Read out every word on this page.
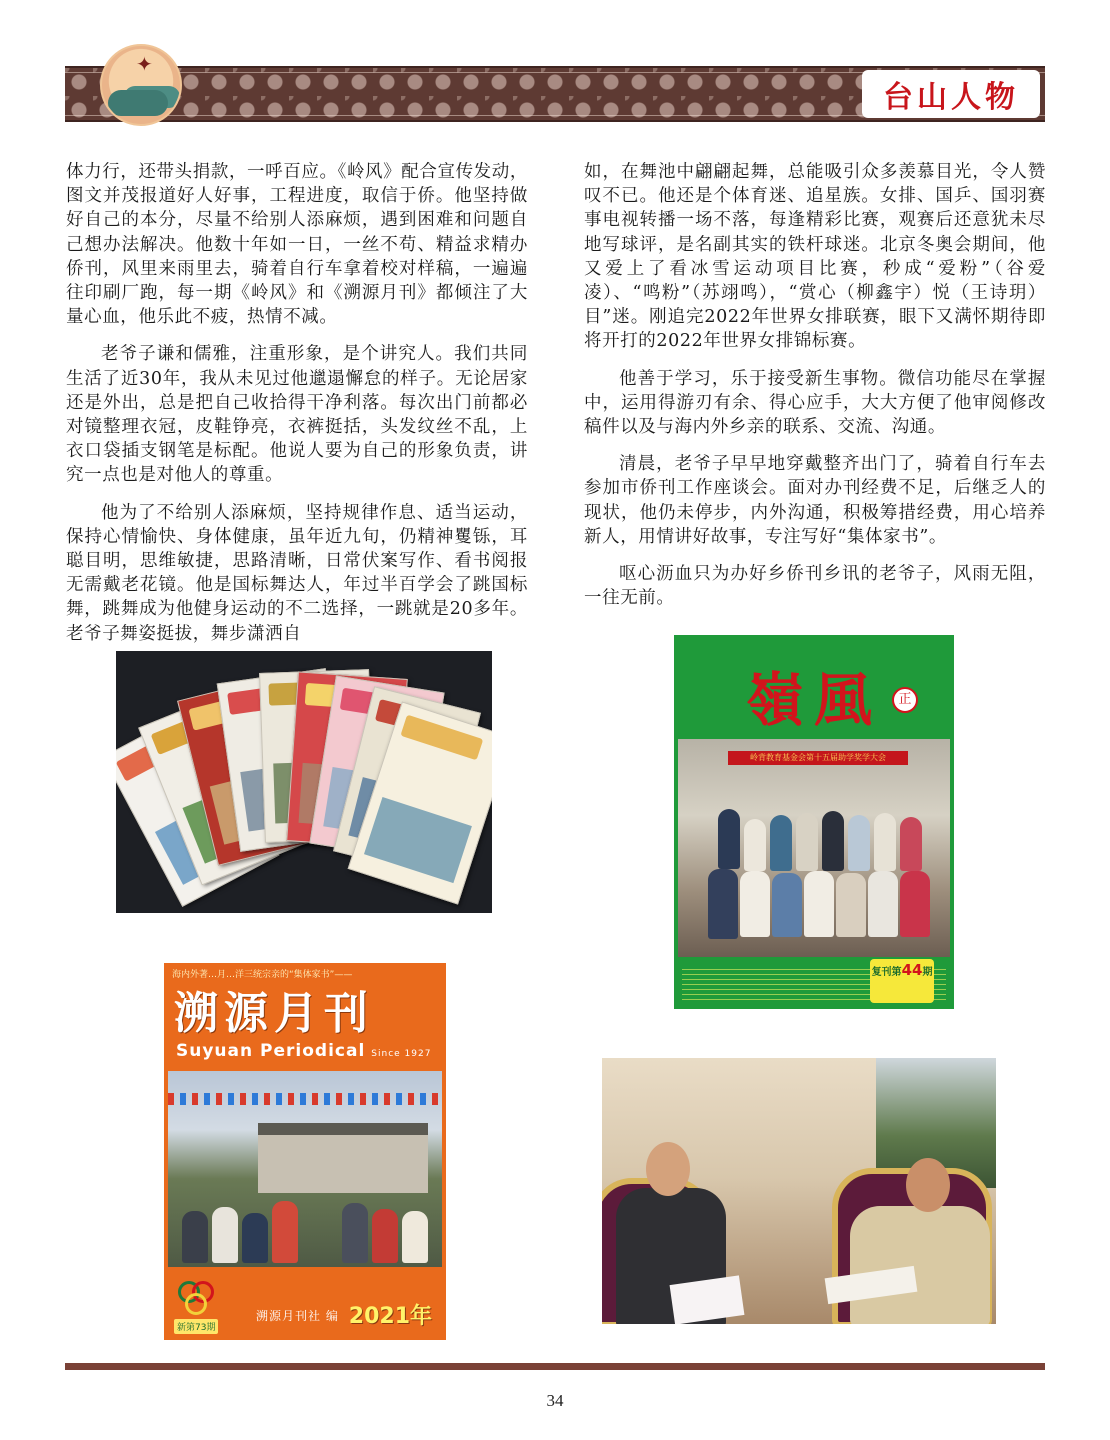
✦
台山人物

体力行，还带头捐款，一呼百应。《岭风》配合宣传发动，图文并茂报道好人好事，工程进度，取信于侨。他坚持做好自己的本分，尽量不给别人添麻烦，遇到困难和问题自己想办法解决。他数十年如一日，一丝不苟、精益求精办侨刊，风里来雨里去，骑着自行车拿着校对样稿，一遍遍往印刷厂跑，每一期《岭风》和《溯源月刊》都倾注了大量心血，他乐此不疲，热情不减。

老爷子谦和儒雅，注重形象，是个讲究人。我们共同生活了近30年，我从未见过他邋遢懈怠的样子。无论居家还是外出，总是把自己收拾得干净利落。每次出门前都必对镜整理衣冠，皮鞋铮亮，衣裤挺括，头发纹丝不乱，上衣口袋插支钢笔是标配。他说人要为自己的形象负责，讲究一点也是对他人的尊重。

他为了不给别人添麻烦，坚持规律作息、适当运动，保持心情愉快、身体健康，虽年近九旬，仍精神矍铄，耳聪目明，思维敏捷，思路清晰，日常伏案写作、看书阅报无需戴老花镜。他是国标舞达人，年过半百学会了跳国标舞，跳舞成为他健身运动的不二选择，一跳就是20多年。老爷子舞姿挺拔，舞步潇洒自

如，在舞池中翩翩起舞，总能吸引众多羡慕目光，令人赞叹不已。他还是个体育迷、追星族。女排、国乒、国羽赛事电视转播一场不落，每逢精彩比赛，观赛后还意犹未尽地写球评，是名副其实的铁杆球迷。北京冬奥会期间，他又爱上了看冰雪运动项目比赛，秒成“爱粉”（谷爱凌）、“鸣粉”（苏翊鸣），“赏心（柳鑫宇）悦（王诗玥）目”迷。刚追完2022年世界女排联赛，眼下又满怀期待即将开打的2022年世界女排锦标赛。

他善于学习，乐于接受新生事物。微信功能尽在掌握中，运用得游刃有余、得心应手，大大方便了他审阅修改稿件以及与海内外乡亲的联系、交流、沟通。

清晨，老爷子早早地穿戴整齐出门了，骑着自行车去参加市侨刊工作座谈会。面对办刊经费不足，后继乏人的现状，他仍未停步，内外沟通，积极筹措经费，用心培养新人，用情讲好故事，专注写好“集体家书”。

呕心沥血只为办好乡侨刊乡讯的老爷子，风雨无阻，一往无前。

嶺風	正
岭背教育基金会第十五届助学奖学大会
复刊第44期
海内外著…月…洋三统宗亲的“集体家书”——
溯源月刊
Suyuan Periodical Since 1927
新第73期
溯源月刊社 编 2021年
34
